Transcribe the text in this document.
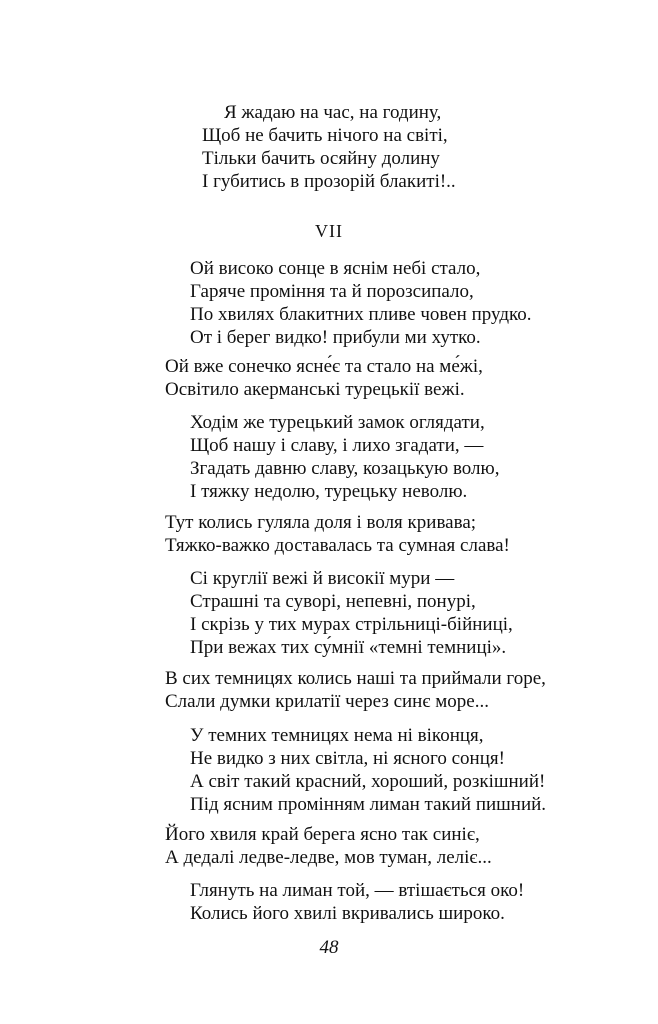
Я жадаю на час, на годину,
Щоб не бачить нічого на світі,
Тільки бачить осяйну долину
І губитись в прозорій блакиті!..
VII
Ой високо сонце в яснім небі стало,
Гаряче проміння та й порозсипало,
По хвилях блакитних пливе човен прудко.
От і берег видко! прибули ми хутко.
Ой вже сонечко ясне́є та стало на ме́жі,
Освітило акерманські турецькії вежі.
Ходім же турецький замок оглядати,
Щоб нашу і славу, і лихо згадати, —
Згадать давню славу, козацькую волю,
І тяжку недолю, турецьку неволю.
Тут колись гуляла доля і воля кривава;
Тяжко-важко доставалась та сумная слава!
Сі круглії вежі й високії мури —
Страшні та суворі, непевні, понурі,
І скрізь у тих мурах стрільниці-бійниці,
При вежах тих су́мнії «темні темниці».
В сих темницях колись наші та приймали горе,
Слали думки крилатії через синє море...
У темних темницях нема ні віконця,
Не видко з них світла, ні ясного сонця!
А світ такий красний, хороший, розкішний!
Під ясним промінням лиман такий пишний.
Його хвиля край берега ясно так синіє,
А дедалі ледве-ледве, мов туман, леліє...
Глянуть на лиман той, — втішається око!
Колись його хвилі вкривались широко.
48
